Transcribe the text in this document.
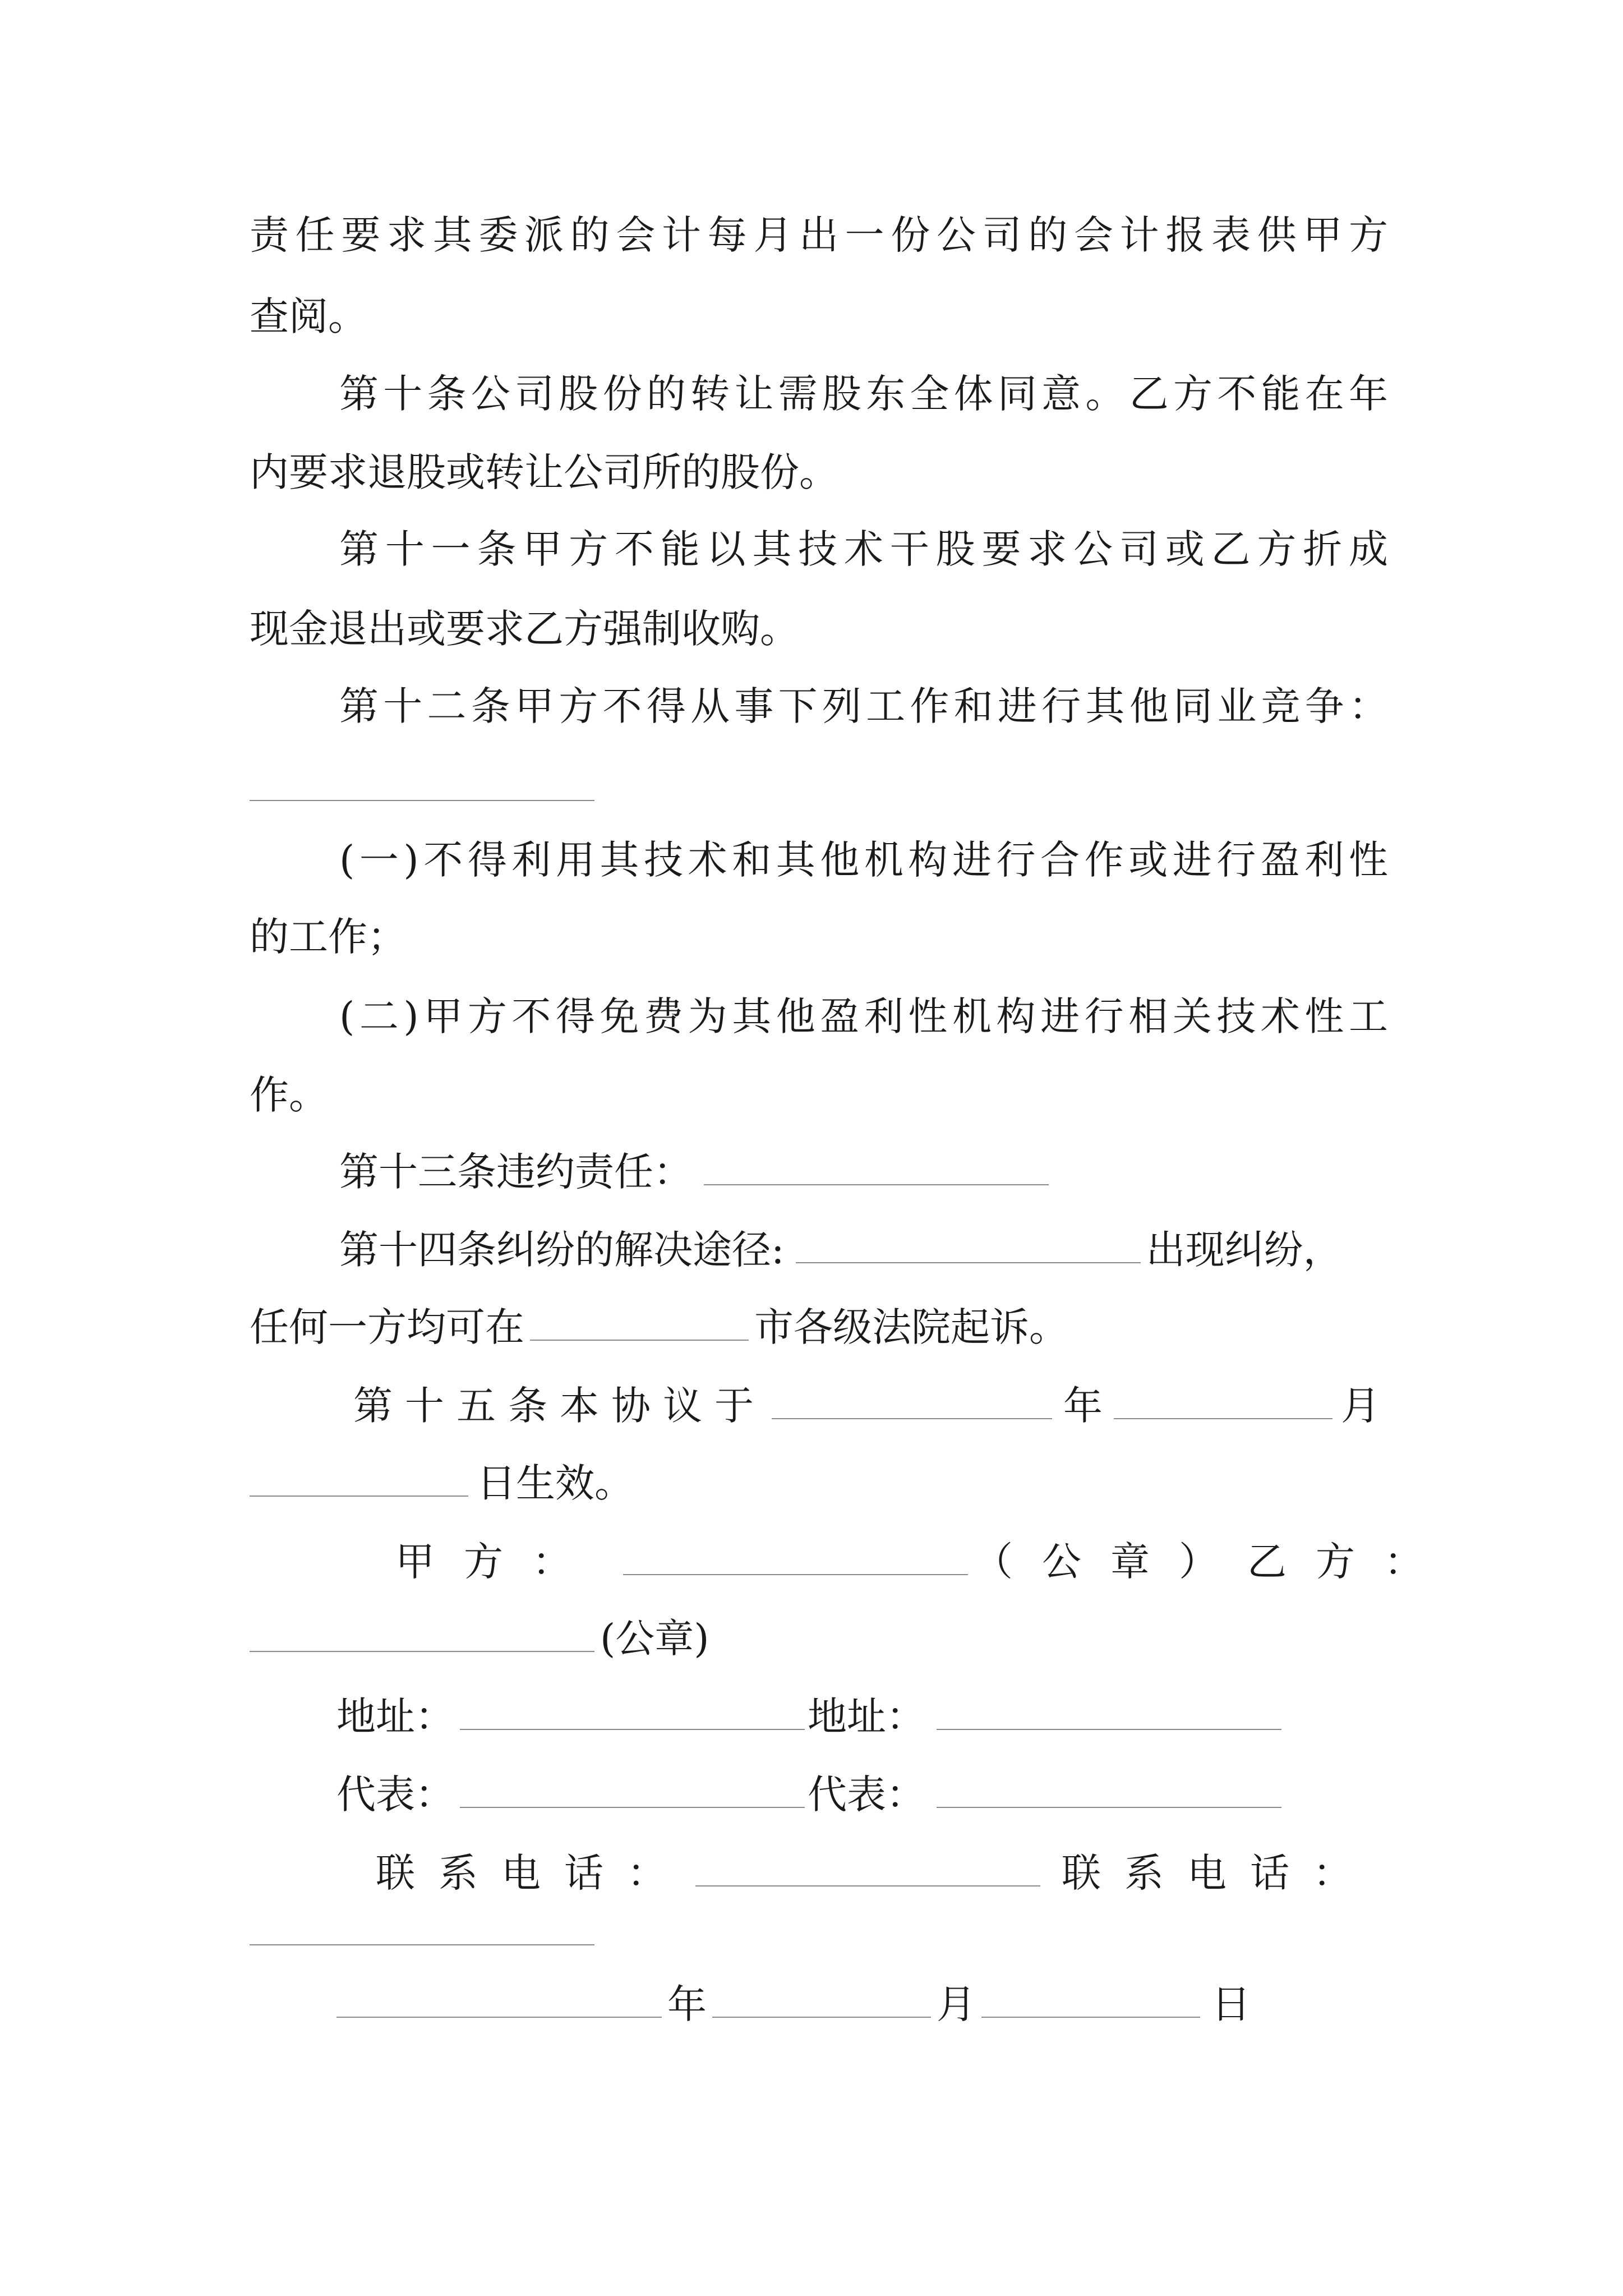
责任要求其委派的会计每月出一份公司的会计报表供甲方
查阅。
第十条公司股份的转让需股东全体同意。乙方不能在年
内要求退股或转让公司所的股份。
第十一条甲方不能以其技术干股要求公司或乙方折成
现金退出或要求乙方强制收购。
第十二条甲方不得从事下列工作和进行其他同业竞争：
(一)不得利用其技术和其他机构进行合作或进行盈利性
的工作；
(二)甲方不得免费为其他盈利性机构进行相关技术性工
作。
第十三条违约责任：
第十四条纠纷的解决途径:	出现纠纷，
任何一方均可在	市各级法院起诉。
第十五条本协议于	年	月
日生效。
甲方：	（公章）乙方：
(公章)
地址：	地址：
代表：	代表：
联系电话：	联系电话：
年	月	日
